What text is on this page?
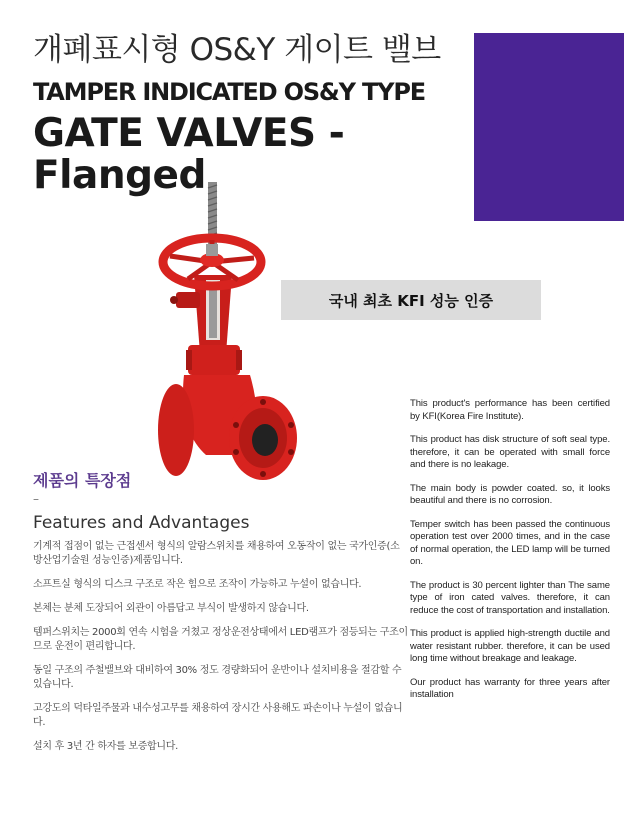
개폐표시형 OS&Y 게이트 밸브
TAMPER INDICATED OS&Y TYPE
GATE VALVES - Flanged
국내 최초 KFI 성능 인증
제품의 특장점
–
Features and Advantages

기계적 접점이 없는 근접센서 형식의 알람스위치를 채용하여 오동작이 없는 국가인증(소방산업기술원 성능인증)제품입니다.

소프트실 형식의 디스크 구조로 작은 힘으로 조작이 가능하고 누설이 없습니다.

본체는 분체 도장되어 외관이 아름답고 부식이 발생하지 않습니다.

템퍼스위치는 2000회 연속 시험을 거쳤고 정상운전상태에서 LED램프가 점등되는 구조이므로 운전이 편리합니다.

동일 구조의 주철밸브와 대비하여 30% 정도 경량화되어 운반이나 설치비용을 절감할 수 있습니다.

고강도의 덕타일주물과 내수성고무를 채용하여 장시간 사용해도 파손이나 누설이 없습니다.

설치 후 3년 간 하자를 보증합니다.

This product's performance has been certified by KFI(Korea Fire Institute).

This product has disk structure of soft seal type. therefore, it can be operated with small force and there is no leakage.

The main body is powder coated. so, it looks beautiful and there is no corrosion.

Temper switch has been passed the continuous operation test over 2000 times, and in the case of normal operation, the LED lamp will be turned on.

The product is 30 percent lighter than The same type of iron cated valves. therefore, it can reduce the cost of transportation and installation.

This product is applied high-strength ductile and water resistant rubber. therefore, it can be used long time without breakage and leakage.

Our product has warranty for three years after installation
